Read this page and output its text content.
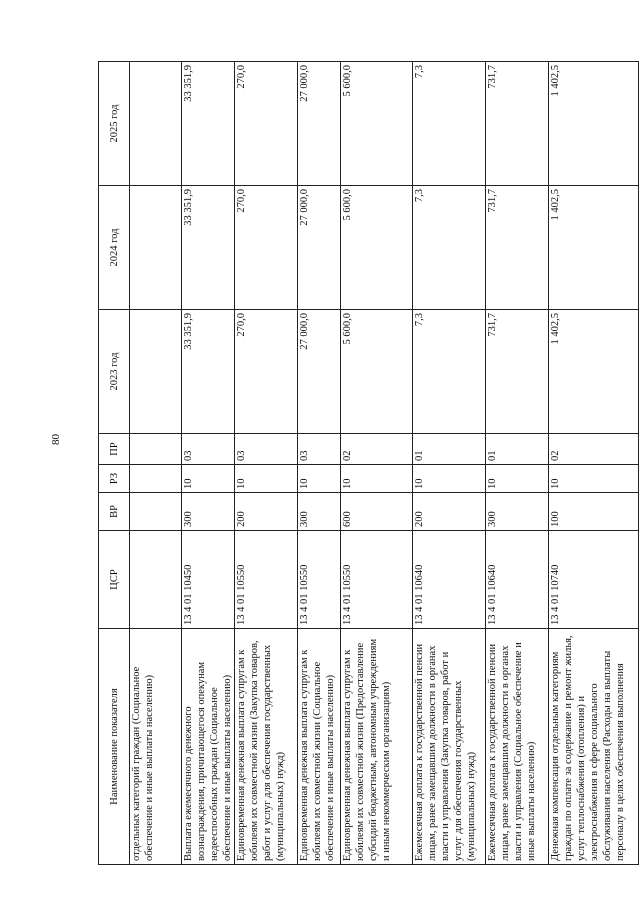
80
Наименование показателя	ЦСР	ВР	РЗ	ПР	2023 год	2024 год	2025 год
отдельных категорий граждан (Социальное обеспечение и иные выплаты населению)							
Выплата ежемесячного денежного вознаграждения, причитающегося опекунам недееспособных граждан (Социальное обеспечение и иные выплаты населению)	13 4 01 10450	300	10	03	33 351,9	33 351,9	33 351,9
Единовременная денежная выплата супругам к юбилеям их совместной жизни (Закупка товаров, работ и услуг для обеспечения государственных (муниципальных) нужд)	13 4 01 10550	200	10	03	270,0	270,0	270,0
Единовременная денежная выплата супругам к юбилеям их совместной жизни (Социальное обеспечение и иные выплаты населению)	13 4 01 10550	300	10	03	27 000,0	27 000,0	27 000,0
Единовременная денежная выплата супругам к юбилеям их совместной жизни (Предоставление субсидий бюджетным, автономным учреждениям и иным некоммерческим организациям)	13 4 01 10550	600	10	02	5 600,0	5 600,0	5 600,0
Ежемесячная доплата к государственной пенсии лицам, ранее замещавшим должности в органах власти и управления (Закупка товаров, работ и услуг для обеспечения государственных (муниципальных) нужд)	13 4 01 10640	200	10	01	7,3	7,3	7,3
Ежемесячная доплата к государственной пенсии лицам, ранее замещавшим должности в органах власти и управления (Социальное обеспечение и иные выплаты населению)	13 4 01 10640	300	10	01	731,7	731,7	731,7
Денежная компенсация отдельным категориям граждан по оплате за содержание и ремонт жилья, услуг теплоснабжения (отопления) и электроснабжения в сфере социального обслуживания населения (Расходы на выплаты персоналу в целях обеспечения выполнения	13 4 01 10740	100	10	02	1 402,5	1 402,5	1 402,5
